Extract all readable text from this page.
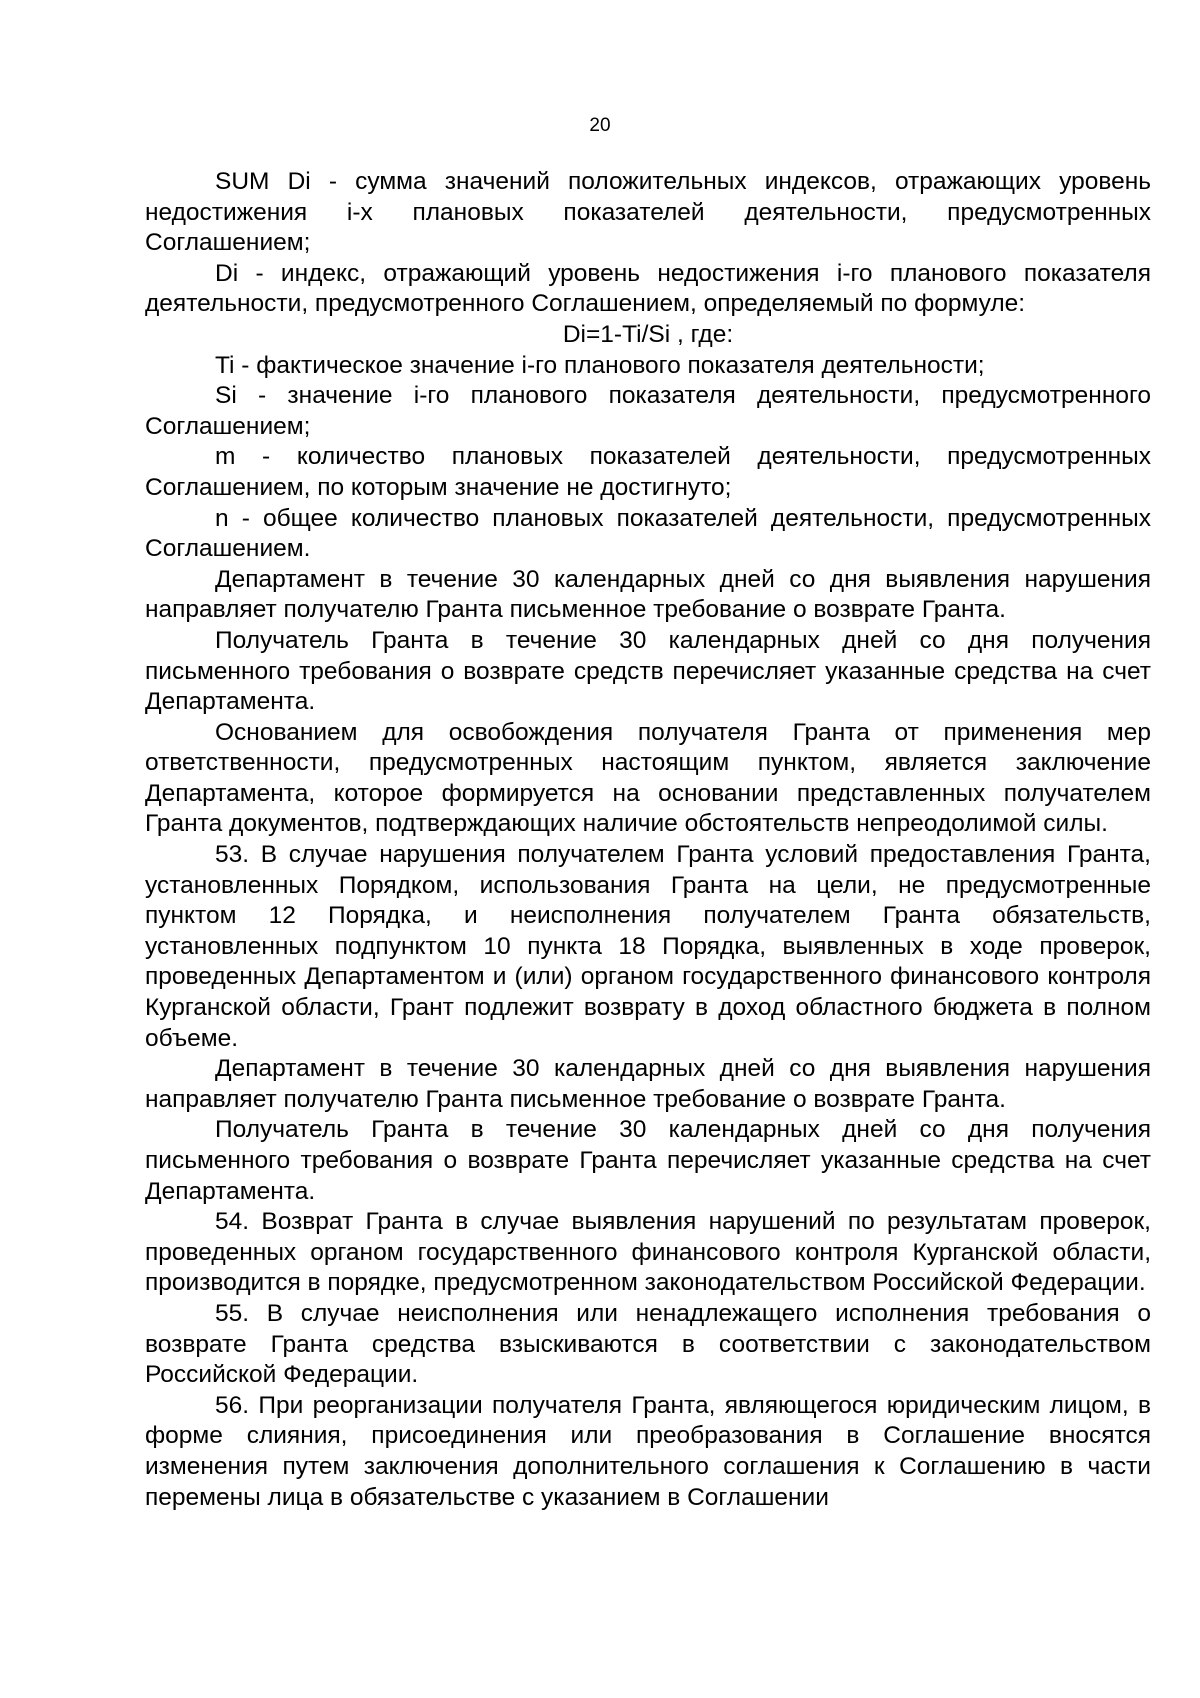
20

SUM Di - сумма значений положительных индексов, отражающих уровень недостижения i-х плановых показателей деятельности, предусмотренных Соглашением;

Di - индекс, отражающий уровень недостижения i-го планового показателя деятельности, предусмотренного Соглашением, определяемый по формуле:

Di=1-Ti/Si , где:

Ti - фактическое значение i-го планового показателя деятельности;

Si - значение i-го планового показателя деятельности, предусмотренного Соглашением;

m - количество плановых показателей деятельности, предусмотренных Соглашением, по которым значение не достигнуто;

n - общее количество плановых показателей деятельности, предусмотренных Соглашением.

Департамент в течение 30 календарных дней со дня выявления нарушения направляет получателю Гранта письменное требование о возврате Гранта.

Получатель Гранта в течение 30 календарных дней со дня получения письменного требования о возврате средств перечисляет указанные средства на счет Департамента.

Основанием для освобождения получателя Гранта от применения мер ответственности, предусмотренных настоящим пунктом, является заключение Департамента, которое формируется на основании представленных получателем Гранта документов, подтверждающих наличие обстоятельств непреодолимой силы.

53. В случае нарушения получателем Гранта условий предоставления Гранта, установленных Порядком, использования Гранта на цели, не предусмотренные пунктом 12 Порядка, и неисполнения получателем Гранта обязательств, установленных подпунктом 10 пункта 18 Порядка, выявленных в ходе проверок, проведенных Департаментом и (или) органом государственного финансового контроля Курганской области, Грант подлежит возврату в доход областного бюджета в полном объеме.

Департамент в течение 30 календарных дней со дня выявления нарушения направляет получателю Гранта письменное требование о возврате Гранта.

Получатель Гранта в течение 30 календарных дней со дня получения письменного требования о возврате Гранта перечисляет указанные средства на счет Департамента.

54. Возврат Гранта в случае выявления нарушений по результатам проверок, проведенных органом государственного финансового контроля Курганской области, производится в порядке, предусмотренном законодательством Российской Федерации.

55. В случае неисполнения или ненадлежащего исполнения требования о возврате Гранта средства взыскиваются в соответствии с законодательством Российской Федерации.

56. При реорганизации получателя Гранта, являющегося юридическим лицом, в форме слияния, присоединения или преобразования в Соглашение вносятся изменения путем заключения дополнительного соглашения к Соглашению в части перемены лица в обязательстве с указанием в Соглашении
